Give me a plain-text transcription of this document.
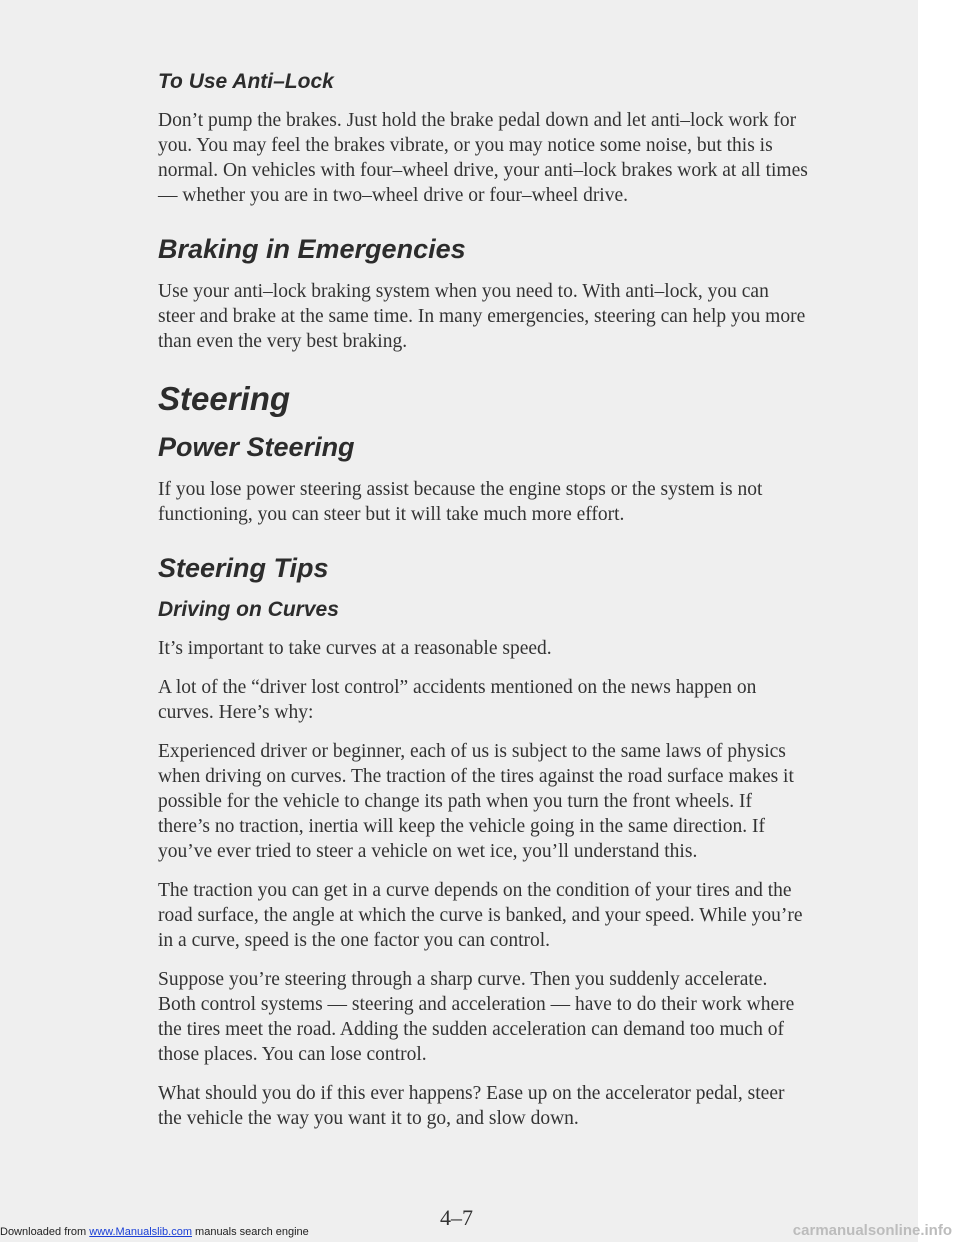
To Use Anti–Lock

Don’t pump the brakes. Just hold the brake pedal down and let anti–lock work for you. You may feel the brakes vibrate, or you may notice some noise, but this is normal. On vehicles with four–wheel drive, your anti–lock brakes work at all times — whether you are in two–wheel drive or four–wheel drive.

Braking in Emergencies

Use your anti–lock braking system when you need to. With anti–lock, you can steer and brake at the same time. In many emergencies, steering can help you more than even the very best braking.

Steering
Power Steering

If you lose power steering assist because the engine stops or the system is not functioning, you can steer but it will take much more effort.

Steering Tips
Driving on Curves

It’s important to take curves at a reasonable speed.

A lot of the “driver lost control” accidents mentioned on the news happen on curves. Here’s why:

Experienced driver or beginner, each of us is subject to the same laws of physics when driving on curves. The traction of the tires against the road surface makes it possible for the vehicle to change its path when you turn the front wheels. If there’s no traction, inertia will keep the vehicle going in the same direction. If you’ve ever tried to steer a vehicle on wet ice, you’ll understand this.

The traction you can get in a curve depends on the condition of your tires and the road surface, the angle at which the curve is banked, and your speed. While you’re in a curve, speed is the one factor you can control.

Suppose you’re steering through a sharp curve. Then you suddenly accelerate. Both control systems — steering and acceleration — have to do their work where the tires meet the road. Adding the sudden acceleration can demand too much of those places. You can lose control.

What should you do if this ever happens? Ease up on the accelerator pedal, steer the vehicle the way you want it to go, and slow down.

4–7
Downloaded from www.Manualslib.com manuals search engine	carmanualsonline.info
